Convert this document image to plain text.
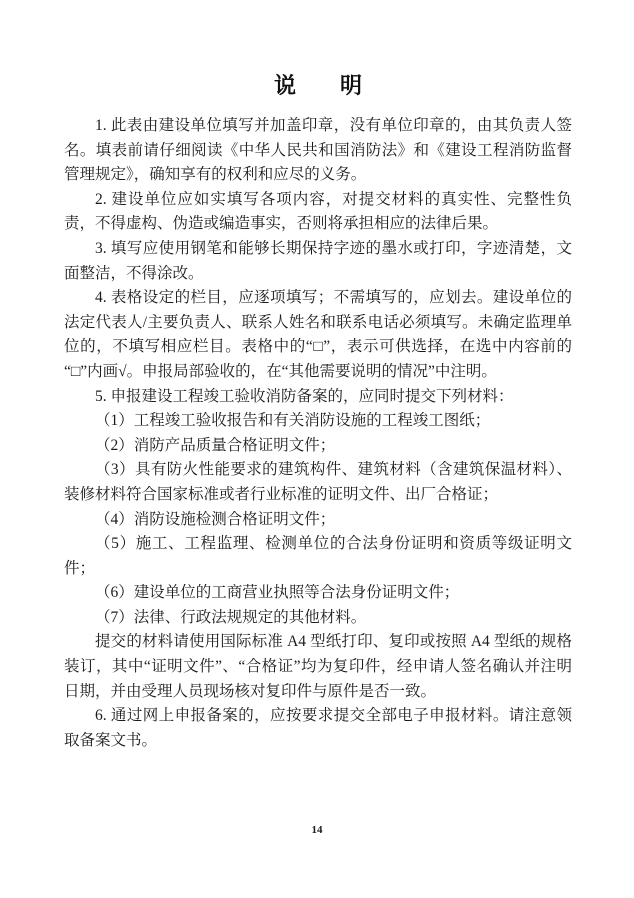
说　　明

1. 此表由建设单位填写并加盖印章，没有单位印章的，由其负责人签名。填表前请仔细阅读《中华人民共和国消防法》和《建设工程消防监督管理规定》，确知享有的权利和应尽的义务。

2. 建设单位应如实填写各项内容，对提交材料的真实性、完整性负责，不得虚构、伪造或编造事实，否则将承担相应的法律后果。

3. 填写应使用钢笔和能够长期保持字迹的墨水或打印，字迹清楚，文面整洁，不得涂改。

4. 表格设定的栏目，应逐项填写；不需填写的，应划去。建设单位的法定代表人/主要负责人、联系人姓名和联系电话必须填写。未确定监理单位的，不填写相应栏目。表格中的“□”，表示可供选择，在选中内容前的“□”内画√。申报局部验收的，在“其他需要说明的情况”中注明。

5. 申报建设工程竣工验收消防备案的，应同时提交下列材料：

（1）工程竣工验收报告和有关消防设施的工程竣工图纸；

（2）消防产品质量合格证明文件；

（3）具有防火性能要求的建筑构件、建筑材料（含建筑保温材料）、装修材料符合国家标准或者行业标准的证明文件、出厂合格证；

（4）消防设施检测合格证明文件；

（5）施工、工程监理、检测单位的合法身份证明和资质等级证明文件；

（6）建设单位的工商营业执照等合法身份证明文件；

（7）法律、行政法规规定的其他材料。

提交的材料请使用国际标准 A4 型纸打印、复印或按照 A4 型纸的规格装订，其中“证明文件”、“合格证”均为复印件，经申请人签名确认并注明日期，并由受理人员现场核对复印件与原件是否一致。

6. 通过网上申报备案的，应按要求提交全部电子申报材料。请注意领取备案文书。

14
